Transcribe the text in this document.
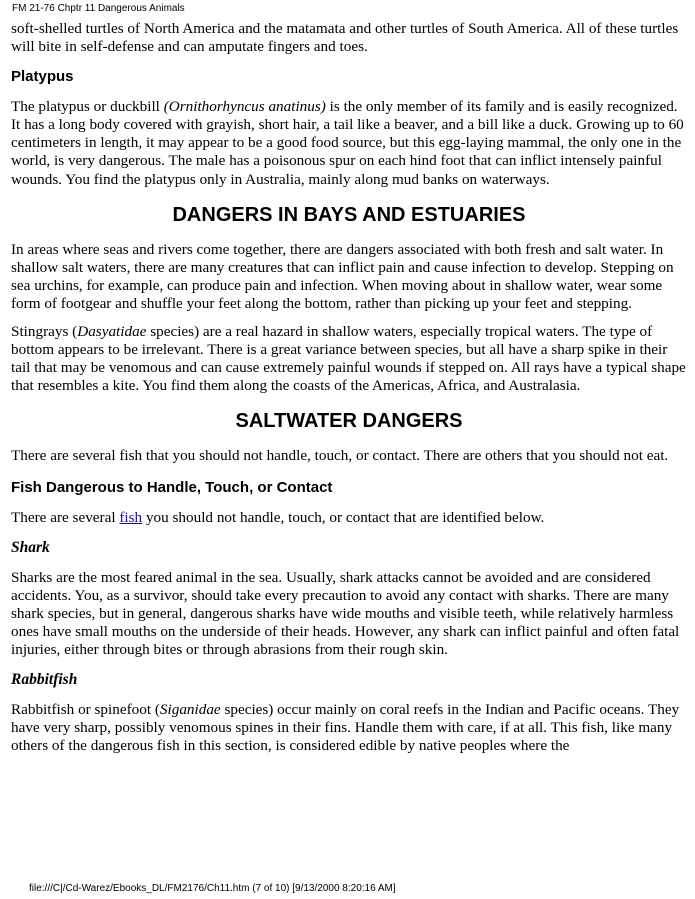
FM 21-76 Chptr 11 Dangerous Animals

soft-shelled turtles of North America and the matamata and other turtles of South America. All of these turtles will bite in self-defense and can amputate fingers and toes.

Platypus

The platypus or duckbill (Ornithorhyncus anatinus) is the only member of its family and is easily recognized. It has a long body covered with grayish, short hair, a tail like a beaver, and a bill like a duck. Growing up to 60 centimeters in length, it may appear to be a good food source, but this egg-laying mammal, the only one in the world, is very dangerous. The male has a poisonous spur on each hind foot that can inflict intensely painful wounds. You find the platypus only in Australia, mainly along mud banks on waterways.

DANGERS IN BAYS AND ESTUARIES

In areas where seas and rivers come together, there are dangers associated with both fresh and salt water. In shallow salt waters, there are many creatures that can inflict pain and cause infection to develop. Stepping on sea urchins, for example, can produce pain and infection. When moving about in shallow water, wear some form of footgear and shuffle your feet along the bottom, rather than picking up your feet and stepping.

Stingrays (Dasyatidae species) are a real hazard in shallow waters, especially tropical waters. The type of bottom appears to be irrelevant. There is a great variance between species, but all have a sharp spike in their tail that may be venomous and can cause extremely painful wounds if stepped on. All rays have a typical shape that resembles a kite. You find them along the coasts of the Americas, Africa, and Australasia.

SALTWATER DANGERS

There are several fish that you should not handle, touch, or contact. There are others that you should not eat.

Fish Dangerous to Handle, Touch, or Contact

There are several fish you should not handle, touch, or contact that are identified below.

Shark

Sharks are the most feared animal in the sea. Usually, shark attacks cannot be avoided and are considered accidents. You, as a survivor, should take every precaution to avoid any contact with sharks. There are many shark species, but in general, dangerous sharks have wide mouths and visible teeth, while relatively harmless ones have small mouths on the underside of their heads. However, any shark can inflict painful and often fatal injuries, either through bites or through abrasions from their rough skin.

Rabbitfish

Rabbitfish or spinefoot (Siganidae species) occur mainly on coral reefs in the Indian and Pacific oceans. They have very sharp, possibly venomous spines in their fins. Handle them with care, if at all. This fish, like many others of the dangerous fish in this section, is considered edible by native peoples where the

file:///C|/Cd-Warez/Ebooks_DL/FM2176/Ch11.htm (7 of 10) [9/13/2000 8:20:16 AM]
